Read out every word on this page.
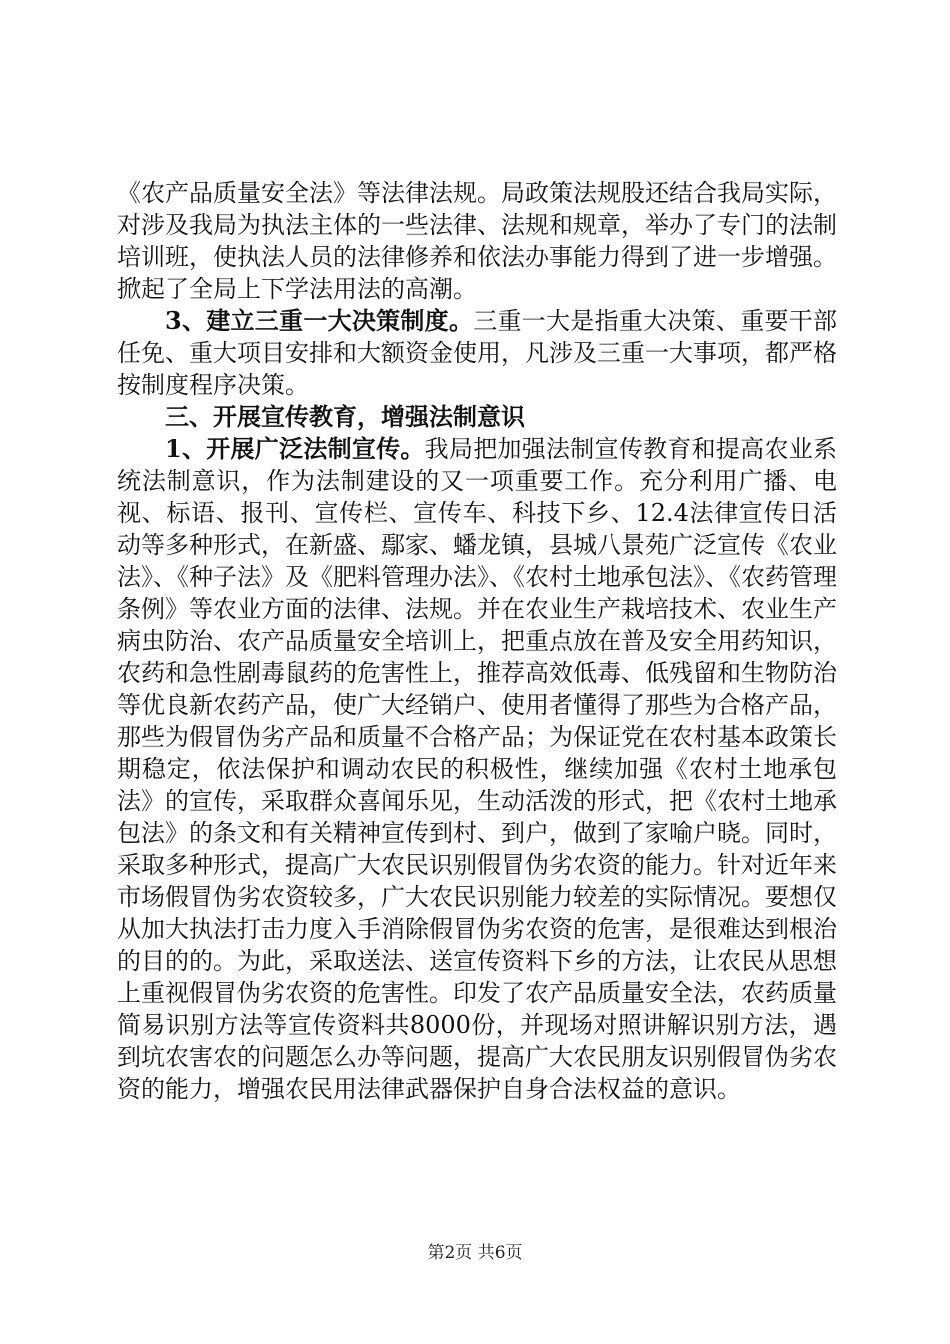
《农产品质量安全法》等法律法规。局政策法规股还结合我局实际，对涉及我局为执法主体的一些法律、法规和规章，举办了专门的法制培训班，使执法人员的法律修养和依法办事能力得到了进一步增强。掀起了全局上下学法用法的高潮。

3、建立三重一大决策制度。三重一大是指重大决策、重要干部任免、重大项目安排和大额资金使用，凡涉及三重一大事项，都严格按制度程序决策。

三、开展宣传教育，增强法制意识

1、开展广泛法制宣传。我局把加强法制宣传教育和提高农业系统法制意识，作为法制建设的又一项重要工作。充分利用广播、电视、标语、报刊、宣传栏、宣传车、科技下乡、12.4法律宣传日活动等多种形式，在新盛、鄢家、蟠龙镇，县城八景苑广泛宣传《农业法》、《种子法》及《肥料管理办法》、《农村土地承包法》、《农药管理条例》等农业方面的法律、法规。并在农业生产栽培技术、农业生产病虫防治、农产品质量安全培训上，把重点放在普及安全用药知识，农药和急性剧毒鼠药的危害性上，推荐高效低毒、低残留和生物防治等优良新农药产品，使广大经销户、使用者懂得了那些为合格产品，那些为假冒伪劣产品和质量不合格产品；为保证党在农村基本政策长期稳定，依法保护和调动农民的积极性，继续加强《农村土地承包法》的宣传，采取群众喜闻乐见，生动活泼的形式，把《农村土地承包法》的条文和有关精神宣传到村、到户，做到了家喻户晓。同时，采取多种形式，提高广大农民识别假冒伪劣农资的能力。针对近年来市场假冒伪劣农资较多，广大农民识别能力较差的实际情况。要想仅从加大执法打击力度入手消除假冒伪劣农资的危害，是很难达到根治的目的的。为此，采取送法、送宣传资料下乡的方法，让农民从思想上重视假冒伪劣农资的危害性。印发了农产品质量安全法，农药质量简易识别方法等宣传资料共8000份，并现场对照讲解识别方法，遇到坑农害农的问题怎么办等问题，提高广大农民朋友识别假冒伪劣农资的能力，增强农民用法律武器保护自身合法权益的意识。

第2页 共6页
